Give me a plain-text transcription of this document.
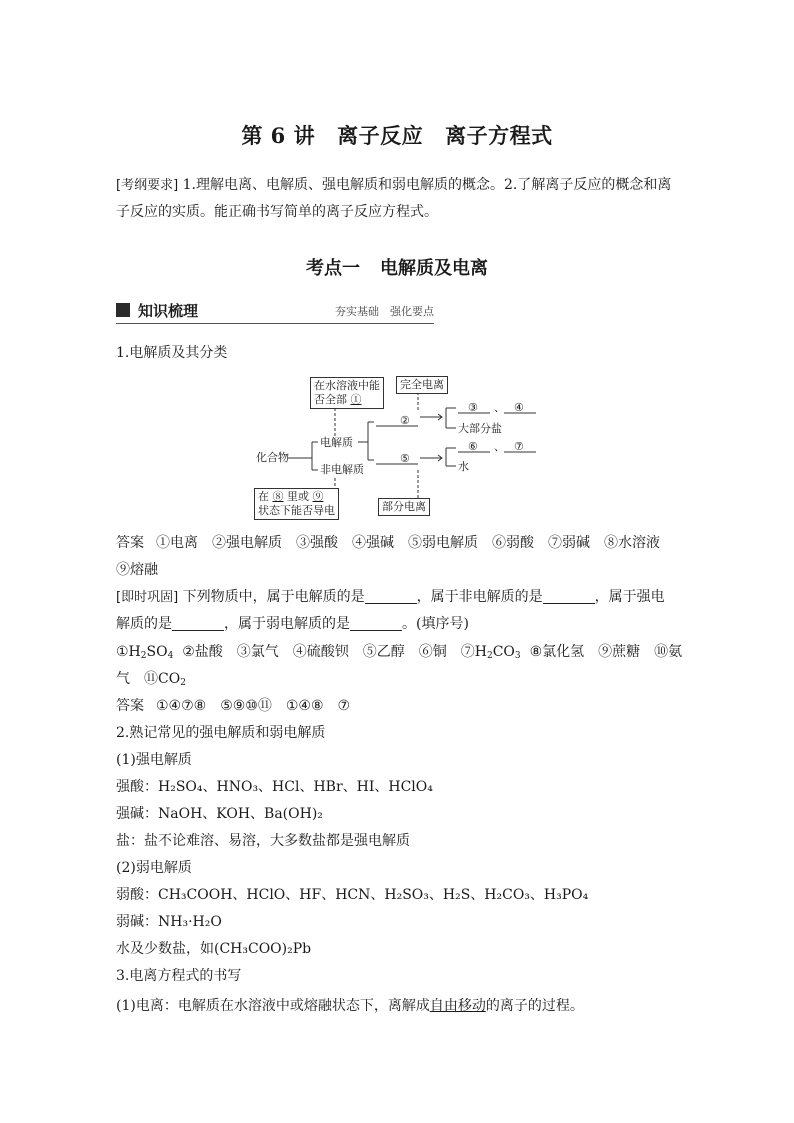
第 6 讲 离子反应 离子方程式
[考纲要求] 1.理解电离、电解质、强电解质和弱电解质的概念。2.了解离子反应的概念和离子反应的实质。能正确书写简单的离子反应方程式。
考点一 电解质及电离
知识梳理	夯实基础　强化要点
1.电解质及其分类
在水溶液中能
否全部 ①
完全电离
化合物
电解质
非电解质
②
⑤
③ 、 ④
大部分盐
⑥ 、 ⑦
水
在 ⑧ 里或 ⑨
状态下能否导电	部分电离
答案 ①电离　②强电解质　③强酸　④强碱　⑤弱电解质　⑥弱酸　⑦弱碱　⑧水溶液
⑨熔融
[即时巩固] 下列物质中，属于电解质的是	，属于非电解质的是	，属于强电
解质的是	，属于弱电解质的是	。(填序号)
$①H_2SO_4$ ②盐酸　③氯气　④硫酸钡　⑤乙醇　⑥铜　$⑦H_2CO_3$ ⑧氯化氢　⑨蔗糖　⑩氨
气　$⑪CO_2$
答案 ①④⑦⑧　⑤⑨⑩⑪　①④⑧　⑦
2.熟记常见的强电解质和弱电解质
(1)强电解质
强酸：H₂SO₄、HNO₃、HCl、HBr、HI、HClO₄
强碱：NaOH、KOH、Ba(OH)₂
盐：盐不论难溶、易溶，大多数盐都是强电解质
(2)弱电解质
弱酸：CH₃COOH、HClO、HF、HCN、H₂SO₃、H₂S、H₂CO₃、H₃PO₄
弱碱：NH₃·H₂O
水及少数盐，如(CH₃COO)₂Pb
3.电离方程式的书写
(1)电离：电解质在水溶液中或熔融状态下，离解成自由移动的离子的过程。
